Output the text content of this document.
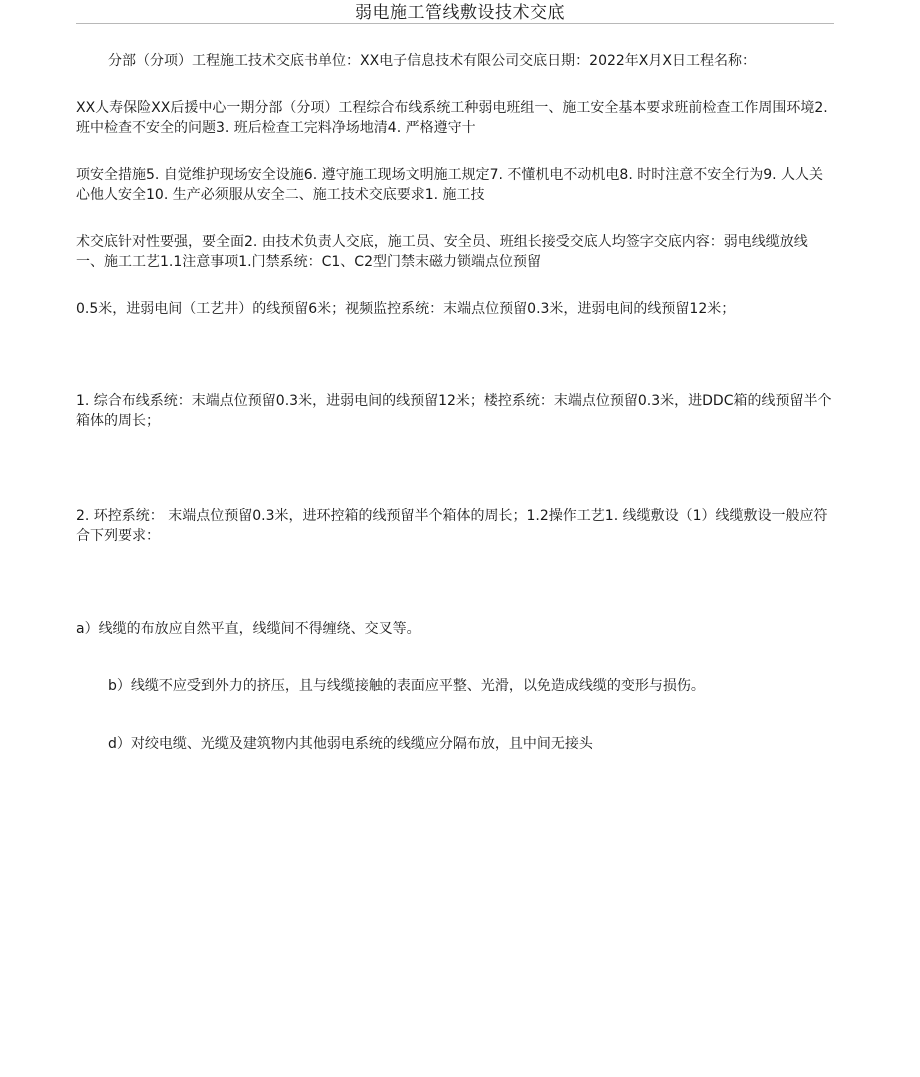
弱电施工管线敷设技术交底

分部（分项）工程施工技术交底书单位：XX电子信息技术有限公司交底日期：2022年X月X日工程名称：

XX人寿保险XX后援中心一期分部（分项）工程综合布线系统工种弱电班组一、施工安全基本要求班前检查工作周围环境2. 班中检查不安全的问题3. 班后检查工完料净场地清4. 严格遵守十

项安全措施5. 自觉维护现场安全设施6. 遵守施工现场文明施工规定7. 不懂机电不动机电8. 时时注意不安全行为9. 人人关心他人安全10. 生产必须服从安全二、施工技术交底要求1. 施工技

术交底针对性要强，要全面2. 由技术负责人交底，施工员、安全员、班组长接受交底人均签字交底内容：弱电线缆放线一、施工工艺1.1注意事项1.门禁系统：C1、C2型门禁末磁力锁端点位预留

0.5米，进弱电间（工艺井）的线预留6米；视频监控系统：末端点位预留0.3米，进弱电间的线预留12米；

1. 综合布线系统：末端点位预留0.3米，进弱电间的线预留12米；楼控系统：末端点位预留0.3米，进DDC箱的线预留半个箱体的周长；

2. 环控系统： 末端点位预留0.3米，进环控箱的线预留半个箱体的周长；1.2操作工艺1. 线缆敷设（1）线缆敷设一般应符合下列要求：

a）线缆的布放应自然平直，线缆间不得缠绕、交叉等。

b）线缆不应受到外力的挤压，且与线缆接触的表面应平整、光滑，以免造成线缆的变形与损伤。

d）对绞电缆、光缆及建筑物内其他弱电系统的线缆应分隔布放，且中间无接头
